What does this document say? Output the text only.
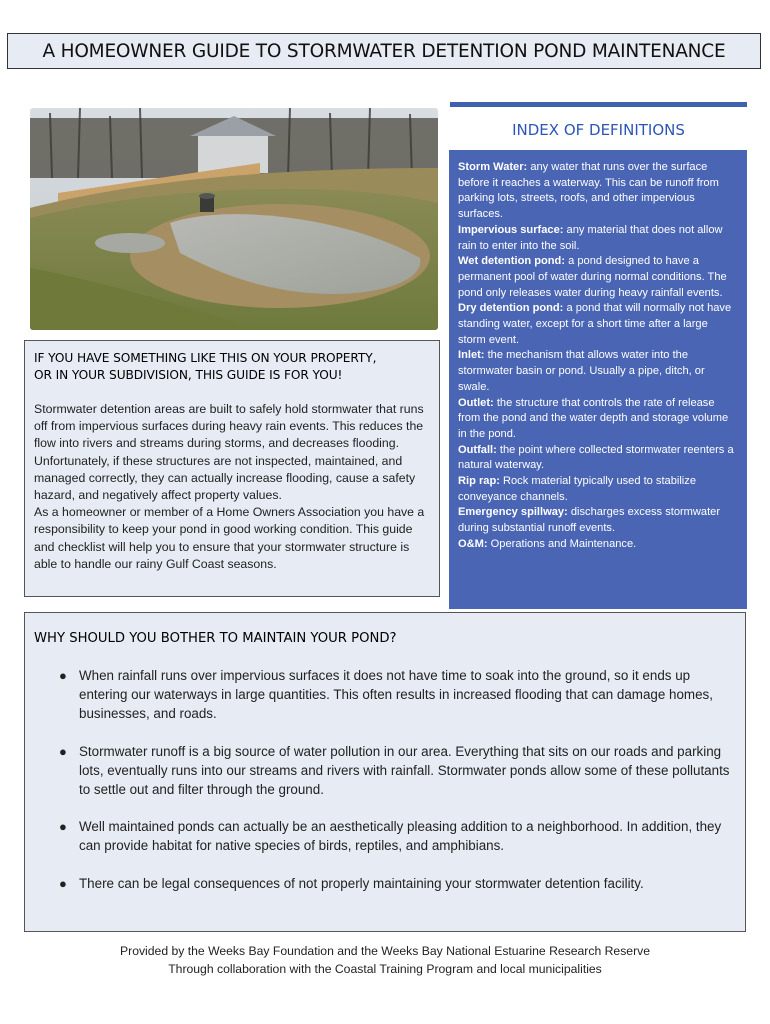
A HOMEOWNER GUIDE TO STORMWATER DETENTION POND MAINTENANCE
IF YOU HAVE SOMETHING LIKE THIS ON YOUR PROPERTY,
OR IN YOUR SUBDIVISION, THIS GUIDE IS FOR YOU!

Stormwater detention areas are built to safely hold stormwater that runs off from impervious surfaces during heavy rain events. This reduces the flow into rivers and streams during storms, and decreases flooding.

Unfortunately, if these structures are not inspected, maintained, and managed correctly, they can actually increase flooding, cause a safety hazard, and negatively affect property values.

As a homeowner or member of a Home Owners Association you have a responsibility to keep your pond in good working condition. This guide and checklist will help you to ensure that your stormwater structure is able to handle our rainy Gulf Coast seasons.

INDEX OF DEFINITIONS

Storm Water: any water that runs over the surface before it reaches a waterway. This can be runoff from parking lots, streets, roofs, and other impervious surfaces.

Impervious surface: any material that does not allow rain to enter into the soil.

Wet detention pond: a pond designed to have a permanent pool of water during normal conditions. The pond only releases water during heavy rainfall events.

Dry detention pond: a pond that will normally not have standing water, except for a short time after a large storm event.

Inlet: the mechanism that allows water into the stormwater basin or pond. Usually a pipe, ditch, or swale.

Outlet: the structure that controls the rate of release from the pond and the water depth and storage volume in the pond.

Outfall: the point where collected stormwater reenters a natural waterway.

Rip rap: Rock material typically used to stabilize conveyance channels.

Emergency spillway: discharges excess stormwater during substantial runoff events.

O&M: Operations and Maintenance.

WHY SHOULD YOU BOTHER TO MAINTAIN YOUR POND?
● When rainfall runs over impervious surfaces it does not have time to soak into the ground, so it ends up entering our waterways in large quantities. This often results in increased flooding that can damage homes, businesses, and roads.
● Stormwater runoff is a big source of water pollution in our area. Everything that sits on our roads and parking lots, eventually runs into our streams and rivers with rainfall. Stormwater ponds allow some of these pollutants to settle out and filter through the ground.
● Well maintained ponds can actually be an aesthetically pleasing addition to a neighborhood. In addition, they can provide habitat for native species of birds, reptiles, and amphibians.
● There can be legal consequences of not properly maintaining your stormwater detention facility.
Provided by the Weeks Bay Foundation and the Weeks Bay National Estuarine Research Reserve
Through collaboration with the Coastal Training Program and local municipalities
